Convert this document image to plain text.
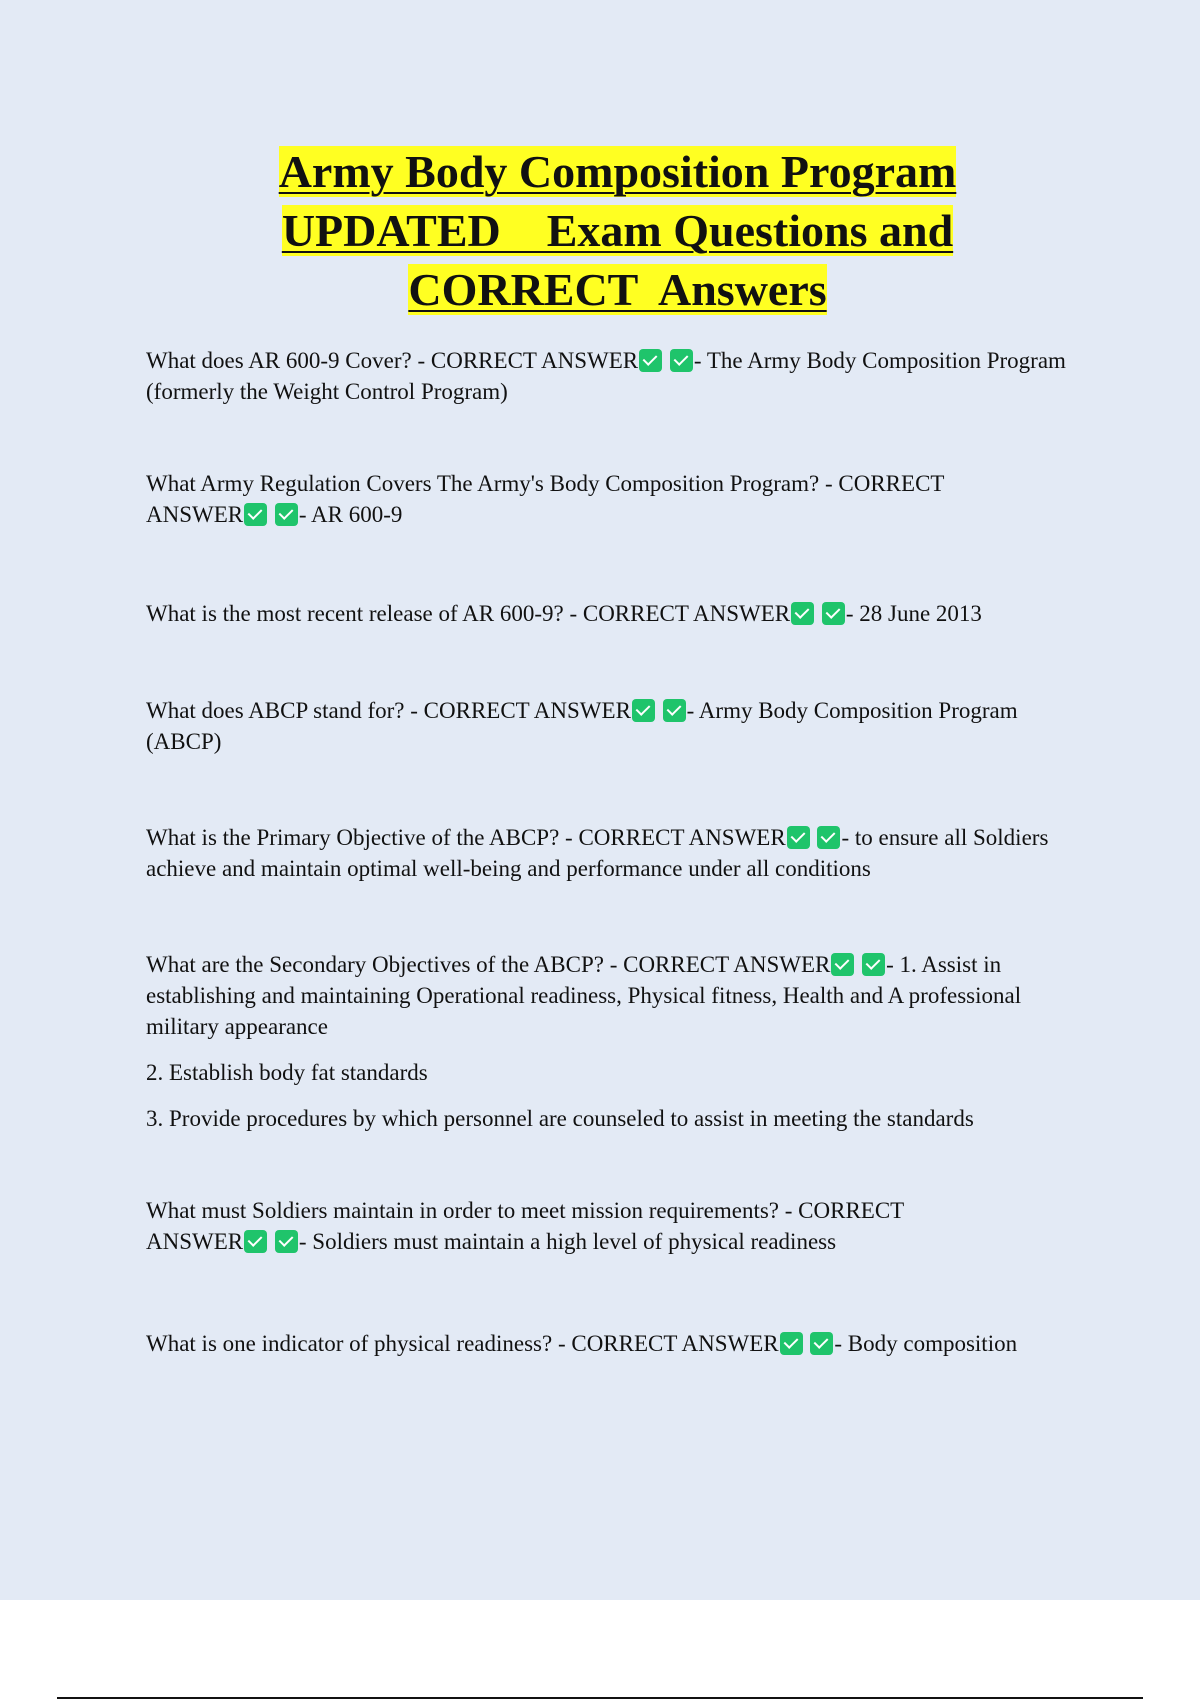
Army Body Composition Program
UPDATED    Exam Questions and
CORRECT  Answers

What does AR 600-9 Cover? - CORRECT ANSWER - The Army Body Composition Program (formerly the Weight Control Program)

What Army Regulation Covers The Army's Body Composition Program? - CORRECT ANSWER - AR 600-9

What is the most recent release of AR 600-9? - CORRECT ANSWER - 28 June 2013

What does ABCP stand for? - CORRECT ANSWER - Army Body Composition Program (ABCP)

What is the Primary Objective of the ABCP? - CORRECT ANSWER - to ensure all Soldiers achieve and maintain optimal well-being and performance under all conditions

What are the Secondary Objectives of the ABCP? - CORRECT ANSWER - 1. Assist in establishing and maintaining Operational readiness, Physical fitness, Health and A professional military appearance

2. Establish body fat standards

3. Provide procedures by which personnel are counseled to assist in meeting the standards

What must Soldiers maintain in order to meet mission requirements? - CORRECT ANSWER - Soldiers must maintain a high level of physical readiness

What is one indicator of physical readiness? - CORRECT ANSWER - Body composition
